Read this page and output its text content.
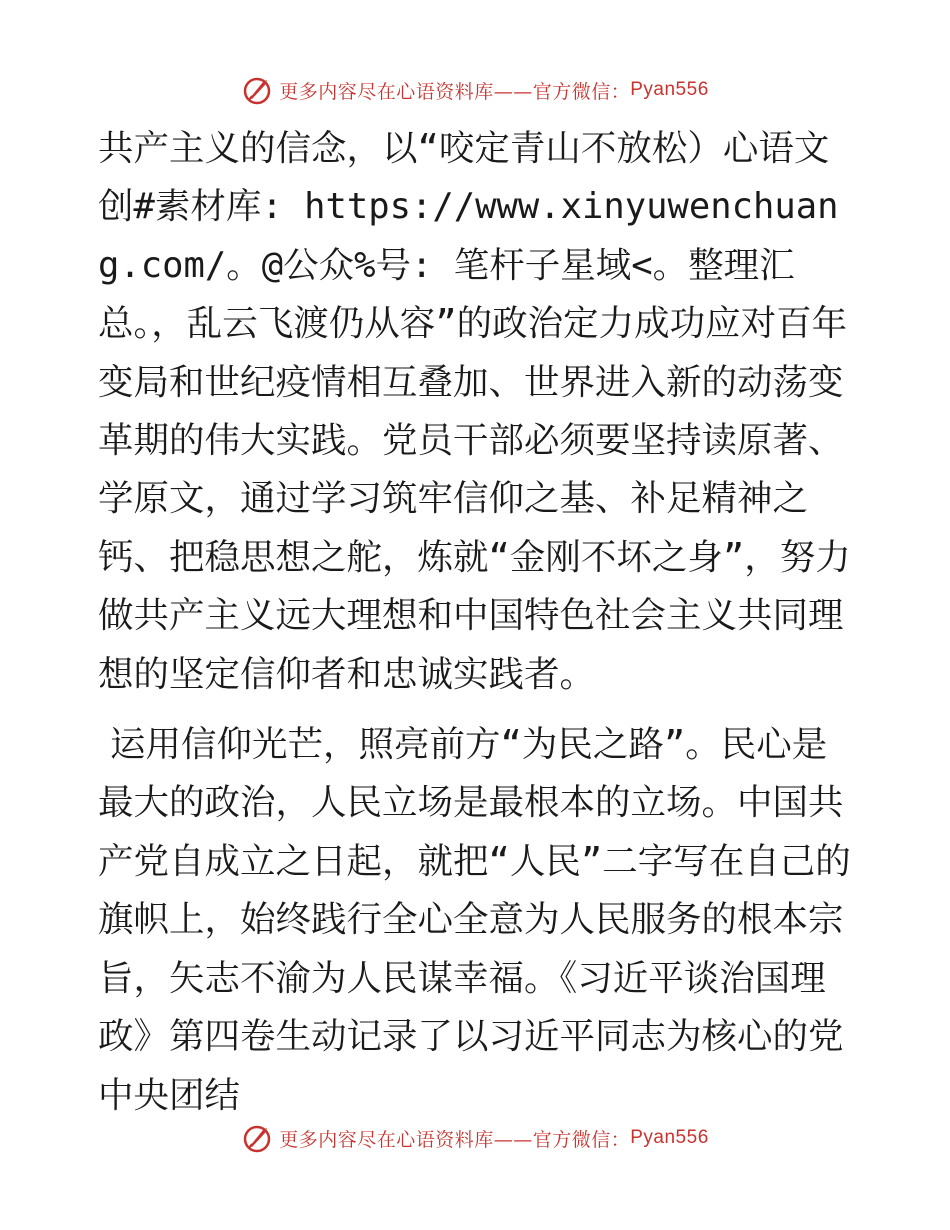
更多内容尽在心语资料库——官方微信： Pyan556

共产主义的信念，以“咬定青山不放松）心语文创#素材库: https://www.xinyuwenchuang.com/。@公众%号: 笔杆子星域<。整理汇总。，乱云飞渡仍从容”的政治定力成功应对百年变局和世纪疫情相互叠加、世界进入新的动荡变革期的伟大实践。党员干部必须要坚持读原著、学原文，通过学习筑牢信仰之基、补足精神之钙、把稳思想之舵，炼就“金刚不坏之身”，努力做共产主义远大理想和中国特色社会主义共同理想的坚定信仰者和忠诚实践者。

运用信仰光芒，照亮前方“为民之路”。民心是最大的政治，人民立场是最根本的立场。中国共产党自成立之日起，就把“人民”二字写在自己的旗帜上，始终践行全心全意为人民服务的根本宗旨，矢志不渝为人民谋幸福。《习近平谈治国理政》第四卷生动记录了以习近平同志为核心的党中央团结

更多内容尽在心语资料库——官方微信： Pyan556
